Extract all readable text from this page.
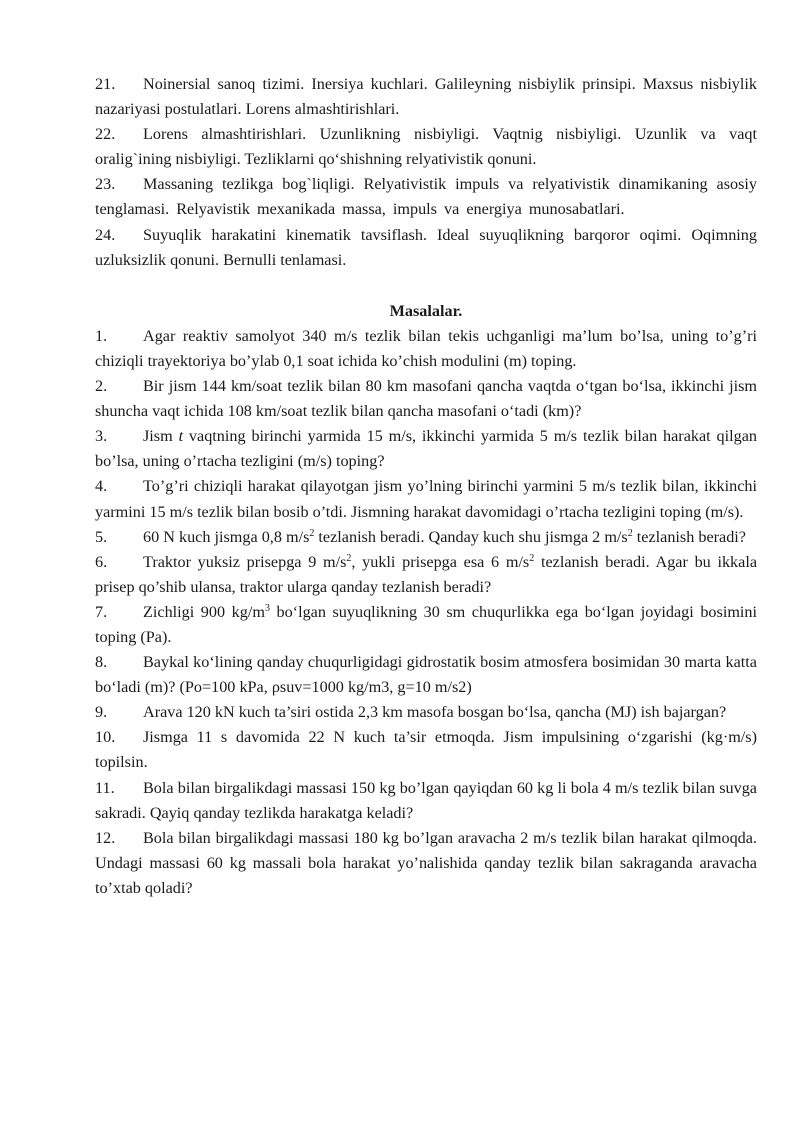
21. Noinersial sanoq tizimi. Inersiya kuchlari. Galileyning nisbiylik prinsipi. Maxsus nisbiylik nazariyasi postulatlari. Lorens almashtirishlari.

22. Lorens almashtirishlari. Uzunlikning nisbiyligi. Vaqtnig nisbiyligi. Uzunlik va vaqt oralig`ining nisbiyligi. Tezliklarni qo‘shishning relyativistik qonuni.

23. Massaning tezlikga bog`liqligi. Relyativistik impuls va relyativistik dinamikaning asosiy tenglamasi. Relyavistik mexanikada massa, impuls va energiya munosabatlari.

24. Suyuqlik harakatini kinematik tavsiflash. Ideal suyuqlikning barqoror oqimi. Oqimning uzluksizlik qonuni. Bernulli tenlamasi.

Masalalar.

1. Agar reaktiv samolyot 340 m/s tezlik bilan tekis uchganligi ma’lum bo’lsa, uning to’g’ri chiziqli trayektoriya bo’ylab 0,1 soat ichida ko’chish modulini (m) toping.

2. Bir jism 144 km/soat tezlik bilan 80 km masofani qancha vaqtda o‘tgan bo‘lsa, ikkinchi jism shuncha vaqt ichida 108 km/soat tezlik bilan qancha masofani o‘tadi (km)?

3. Jism t vaqtning birinchi yarmida 15 m/s, ikkinchi yarmida 5 m/s tezlik bilan harakat qilgan bo’lsa, uning o’rtacha tezligini (m/s) toping?

4. To’g’ri chiziqli harakat qilayotgan jism yo’lning birinchi yarmini 5 m/s tezlik bilan, ikkinchi yarmini 15 m/s tezlik bilan bosib o’tdi. Jismning harakat davomidagi o’rtacha tezligini toping (m/s).

5. 60 N kuch jismga 0,8 $m/s^2$ tezlanish beradi. Qanday kuch shu jismga 2 $m/s^2$ tezlanish beradi?

6. Traktor yuksiz prisepga 9 $m/s^2$, yukli prisepga esa 6 $m/s^2$ tezlanish beradi. Agar bu ikkala prisep qo’shib ulansa, traktor ularga qanday tezlanish beradi?

7. Zichligi 900 $kg/m^3$ bo‘lgan suyuqlikning 30 sm chuqurlikka ega bo‘lgan joyidagi bosimini toping (Pa).

8. Baykal ko‘lining qanday chuqurligidagi gidrostatik bosim atmosfera bosimidan 30 marta katta bo‘ladi (m)? (Po=100 kPa, ρsuv=1000 kg/m3, g=10 m/s2)

9. Arava 120 kN kuch ta’siri ostida 2,3 km masofa bosgan bo‘lsa, qancha (MJ) ish bajargan?

10. Jismga 11 s davomida 22 N kuch ta’sir etmoqda. Jism impulsining o‘zgarishi (kg·m/s) topilsin.

11. Bola bilan birgalikdagi massasi 150 kg bo’lgan qayiqdan 60 kg li bola 4 m/s tezlik bilan suvga sakradi. Qayiq qanday tezlikda harakatga keladi?

12. Bola bilan birgalikdagi massasi 180 kg bo’lgan aravacha 2 m/s tezlik bilan harakat qilmoqda. Undagi massasi 60 kg massali bola harakat yo’nalishida qanday tezlik bilan sakraganda aravacha to’xtab qoladi?
